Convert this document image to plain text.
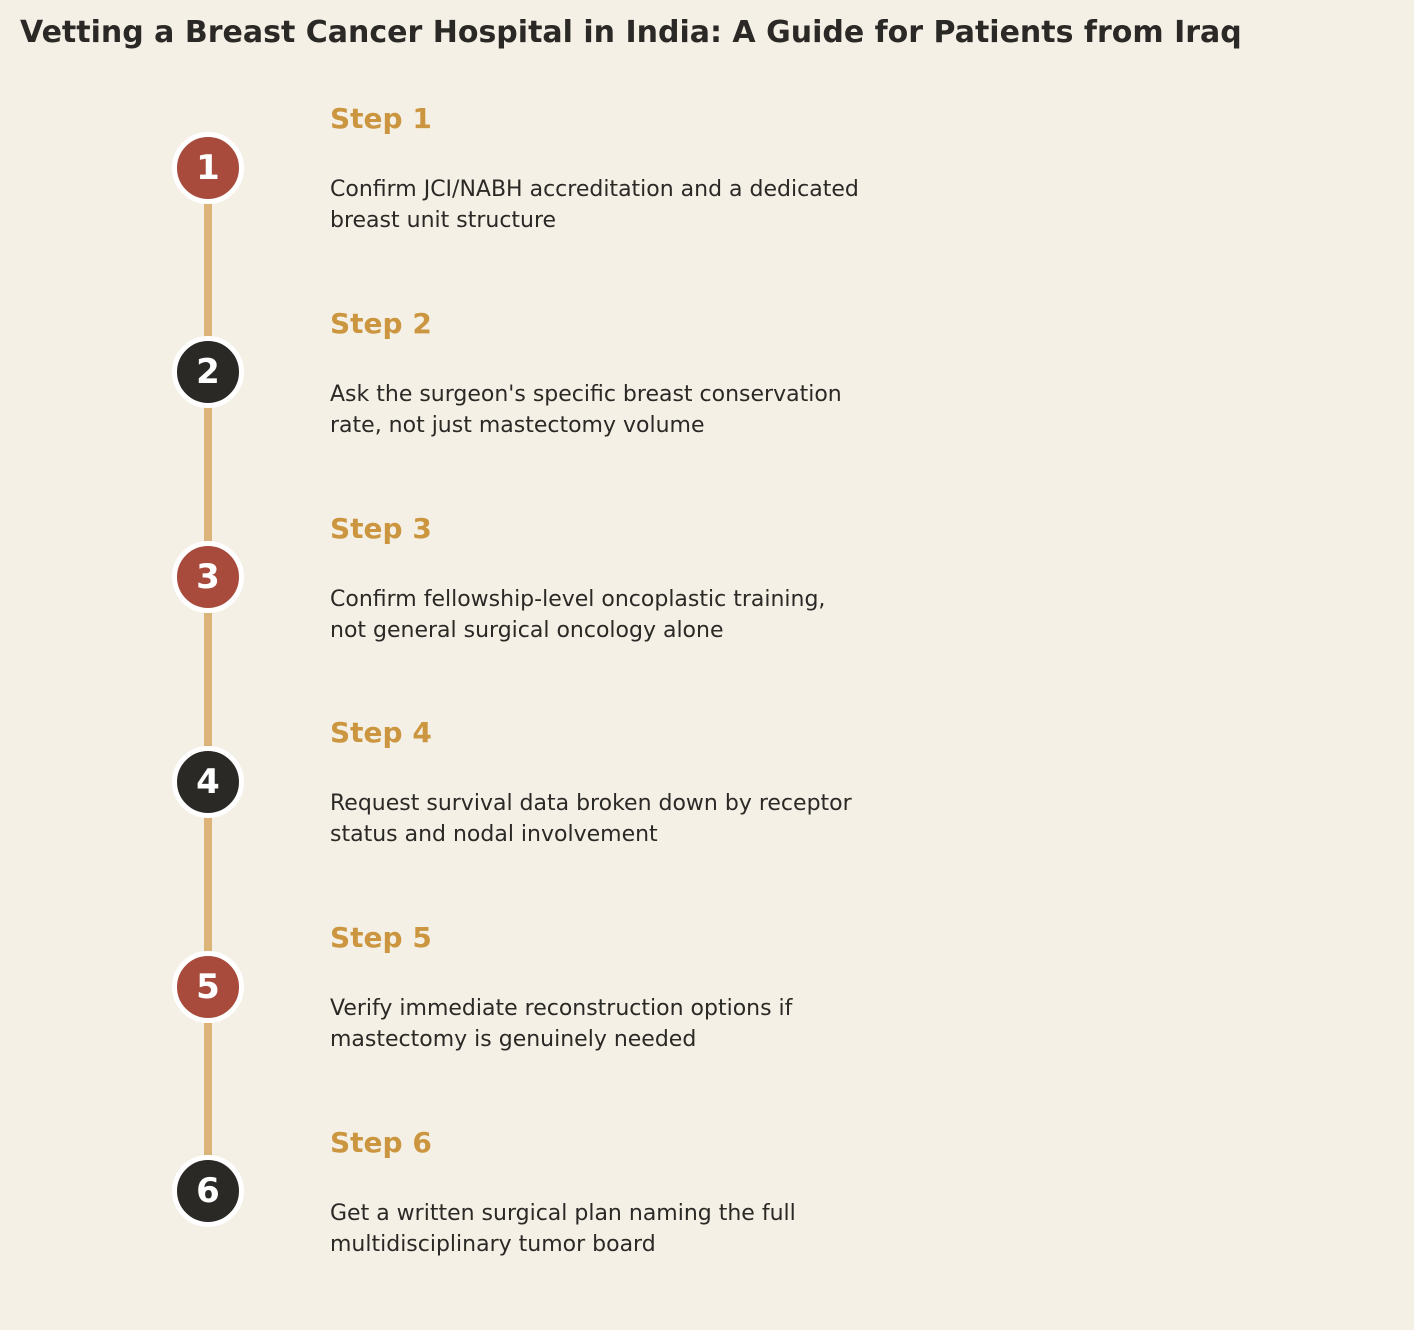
Vetting a Breast Cancer Hospital in India: A Guide for Patients from Iraq
1
Step 1

Confirm JCI/NABH accreditation and a dedicated breast unit structure

2
Step 2

Ask the surgeon's specific breast conservation rate, not just mastectomy volume

3
Step 3

Confirm fellowship-level oncoplastic training, not general surgical oncology alone

4
Step 4

Request survival data broken down by receptor status and nodal involvement

5
Step 5

Verify immediate reconstruction options if mastectomy is genuinely needed

6
Step 6

Get a written surgical plan naming the full multidisciplinary tumor board
